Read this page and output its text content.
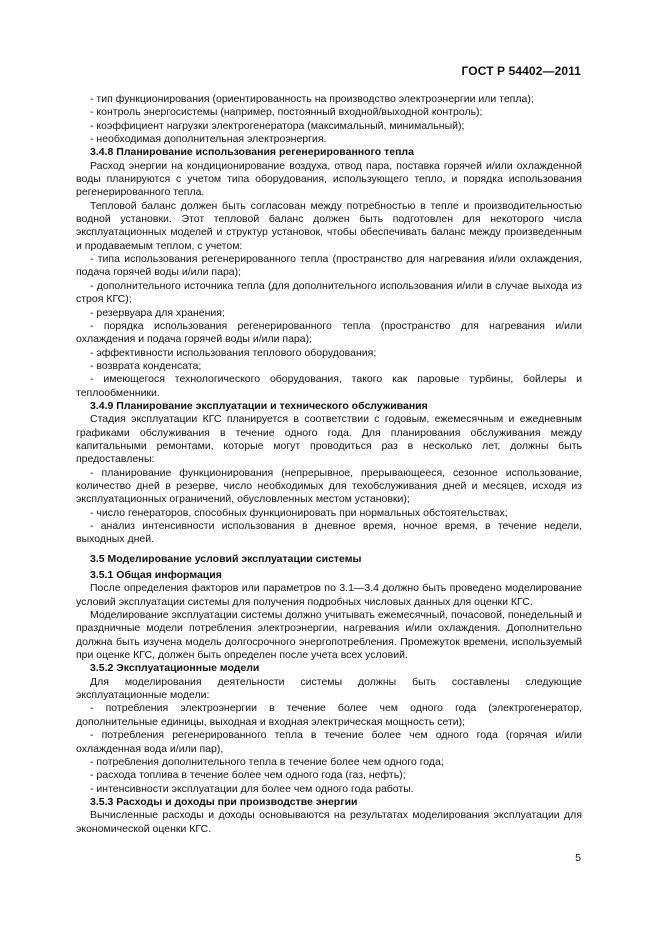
ГОСТ Р 54402—2011

- тип функционирования (ориентированность на производство электроэнергии или тепла);

- контроль энергосистемы (например, постоянный входной/выходной контроль);

- коэффициент нагрузки электрогенератора (максимальный, минимальный);

- необходимая дополнительная электроэнергия.

3.4.8 Планирование использования регенерированного тепла

Расход энергии на кондиционирование воздуха, отвод пара, поставка горячей и/или охлажденной воды планируются с учетом типа оборудования, использующего тепло, и порядка использования регенерированного тепла.

Тепловой баланс должен быть согласован между потребностью в тепле и производительностью водной установки. Этот тепловой баланс должен быть подготовлен для некоторого числа эксплуатационных моделей и структур установок, чтобы обеспечивать баланс между произведенным и продаваемым теплом, с учетом:

- типа использования регенерированного тепла (пространство для нагревания и/или охлаждения, подача горячей воды и/или пара);

- дополнительного источника тепла (для дополнительного использования и/или в случае выхода из строя КГС);

- резервуара для хранения;

- порядка использования регенерированного тепла (пространство для нагревания и/или охлаждения и подача горячей воды и/или пара);

- эффективности использования теплового оборудования;

- возврата конденсата;

- имеющегося технологического оборудования, такого как паровые турбины, бойлеры и теплообменники.

3.4.9 Планирование эксплуатации и технического обслуживания

Стадия эксплуатации КГС планируется в соответствии с годовым, ежемесячным и ежедневным графиками обслуживания в течение одного года. Для планирования обслуживания между капитальными ремонтами, которые могут проводиться раз в несколько лет, должны быть предоставлены:

- планирование функционирования (непрерывное, прерывающееся, сезонное использование, количество дней в резерве, число необходимых для техобслуживания дней и месяцев, исходя из эксплуатационных ограничений, обусловленных местом установки);

- число генераторов, способных функционировать при нормальных обстоятельствах;

- анализ интенсивности использования в дневное время, ночное время, в течение недели, выходных дней.

3.5 Моделирование условий эксплуатации системы

3.5.1 Общая информация

После определения факторов или параметров по 3.1—3.4 должно быть проведено моделирование условий эксплуатации системы для получения подробных числовых данных для оценки КГС.

Моделирование эксплуатации системы должно учитывать ежемесячный, почасовой, понедельный и праздничные модели потребления электроэнергии, нагревания и/или охлаждения. Дополнительно должна быть изучена модель долгосрочного энергопотребления. Промежуток времени, используемый при оценке КГС, должен быть определен после учета всех условий.

3.5.2 Эксплуатационные модели

Для моделирования деятельности системы должны быть составлены следующие эксплуатационные модели:

- потребления электроэнергии в течение более чем одного года (электрогенератор, дополнительные единицы, выходная и входная электрическая мощность сети);

- потребления регенерированного тепла в течение более чем одного года (горячая и/или охлажденная вода и/или пар),

- потребления дополнительного тепла в течение более чем одного года;

- расхода топлива в течение более чем одного года (газ, нефть);

- интенсивности эксплуатации для более чем одного года работы.

3.5.3 Расходы и доходы при производстве энергии

Вычисленные расходы и доходы основываются на результатах моделирования эксплуатации для экономической оценки КГС.

5
